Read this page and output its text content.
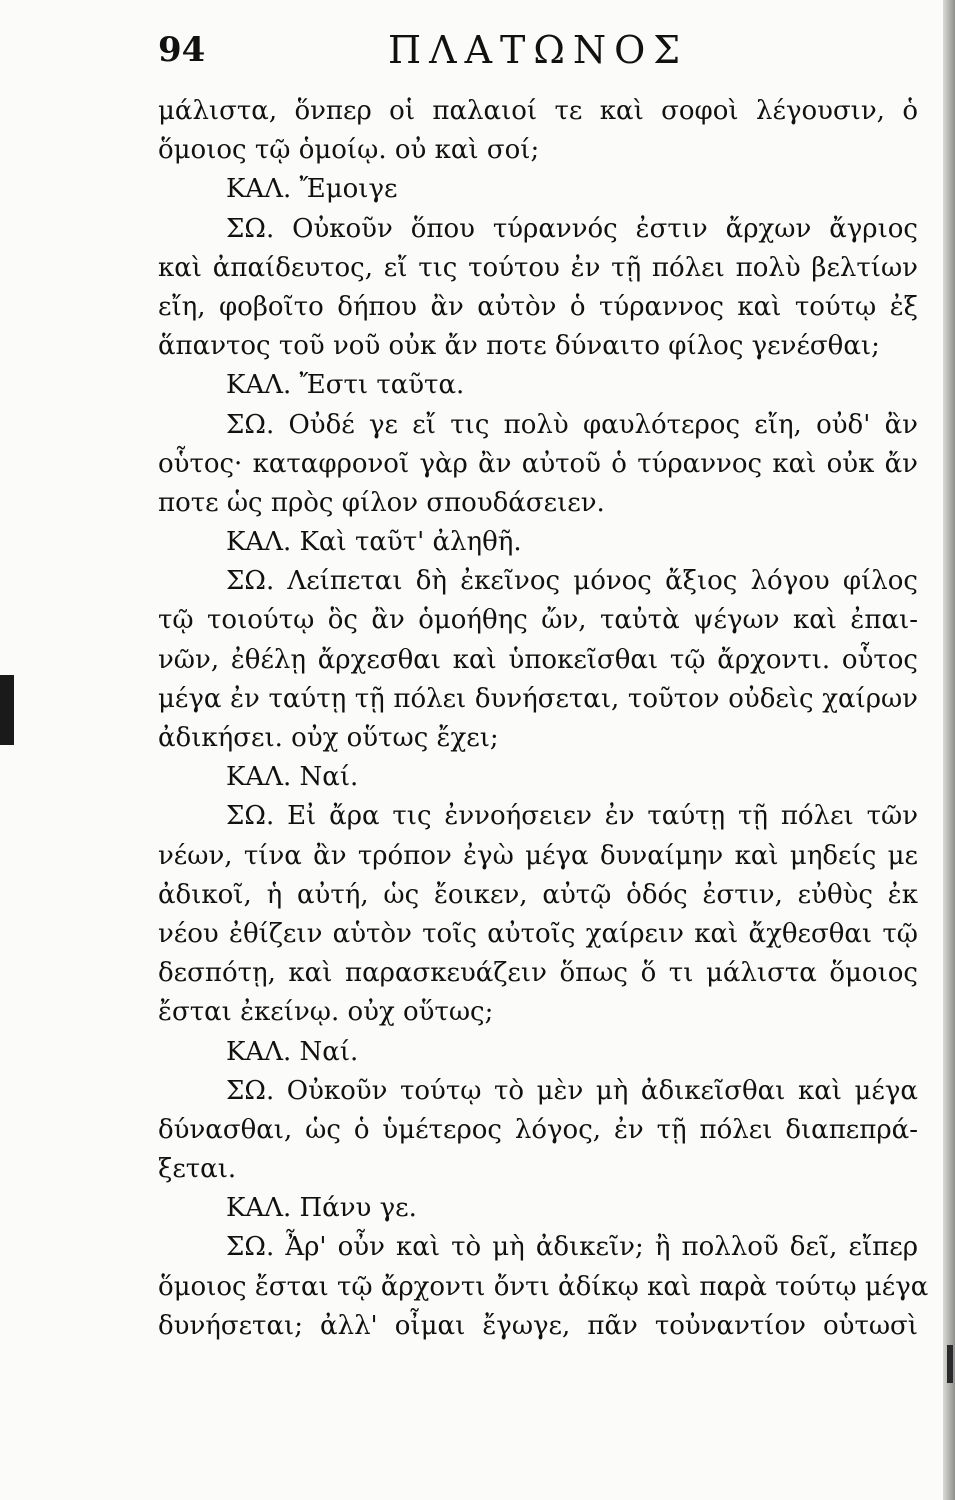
94	ΠΛΑΤΩΝΟΣ
μάλιστα, ὅνπερ οἱ παλαιοί τε καὶ σοφοὶ λέγουσιν, ὁ
ὅμοιος τῷ ὁμοίῳ. οὐ καὶ σοί;
ΚΑΛ. Ἔμοιγε
ΣΩ. Οὐκοῦν ὅπου τύραννός ἐστιν ἄρχων ἄγριος
καὶ ἀπαίδευτος, εἴ τις τούτου ἐν τῇ πόλει πολὺ βελτίων
εἴη, φοβοῖτο δήπου ἂν αὐτὸν ὁ τύραννος καὶ τούτῳ ἐξ
ἅπαντος τοῦ νοῦ οὐκ ἄν ποτε δύναιτο φίλος γενέσθαι;
ΚΑΛ. Ἔστι ταῦτα.
ΣΩ. Οὐδέ γε εἴ τις πολὺ φαυλότερος εἴη, οὐδ' ἂν
οὗτος· καταφρονοῖ γὰρ ἂν αὐτοῦ ὁ τύραννος καὶ οὐκ ἄν
ποτε ὡς πρὸς φίλον σπουδάσειεν.
ΚΑΛ. Καὶ ταῦτ' ἀληθῆ.
ΣΩ. Λείπεται δὴ ἐκεῖνος μόνος ἄξιος λόγου φίλος
τῷ τοιούτῳ ὃς ἂν ὁμοήθης ὤν, ταὐτὰ ψέγων καὶ ἐπαι-
νῶν, ἐθέλῃ ἄρχεσθαι καὶ ὑποκεῖσθαι τῷ ἄρχοντι. οὗτος
μέγα ἐν ταύτῃ τῇ πόλει δυνήσεται, τοῦτον οὐδεὶς χαίρων
ἀδικήσει. οὐχ οὕτως ἔχει;
ΚΑΛ. Ναί.
ΣΩ. Εἰ ἄρα τις ἐννοήσειεν ἐν ταύτῃ τῇ πόλει τῶν
νέων, τίνα ἂν τρόπον ἐγὼ μέγα δυναίμην καὶ μηδείς με
ἀδικοῖ, ἡ αὐτή, ὡς ἔοικεν, αὐτῷ ὁδός ἐστιν, εὐθὺς ἐκ
νέου ἐθίζειν αὑτὸν τοῖς αὐτοῖς χαίρειν καὶ ἄχθεσθαι τῷ
δεσπότῃ, καὶ παρασκευάζειν ὅπως ὅ τι μάλιστα ὅμοιος
ἔσται ἐκείνῳ. οὐχ οὕτως;
ΚΑΛ. Ναί.
ΣΩ. Οὐκοῦν τούτῳ τὸ μὲν μὴ ἀδικεῖσθαι καὶ μέγα
δύνασθαι, ὡς ὁ ὑμέτερος λόγος, ἐν τῇ πόλει διαπεπρά-
ξεται.
ΚΑΛ. Πάνυ γε.
ΣΩ. Ἆρ' οὖν καὶ τὸ μὴ ἀδικεῖν; ἢ πολλοῦ δεῖ, εἴπερ
ὅμοιος ἔσται τῷ ἄρχοντι ὄντι ἀδίκῳ καὶ παρὰ τούτῳ μέγα
δυνήσεται; ἀλλ' οἶμαι ἔγωγε, πᾶν τοὐναντίον οὑτωσὶ
